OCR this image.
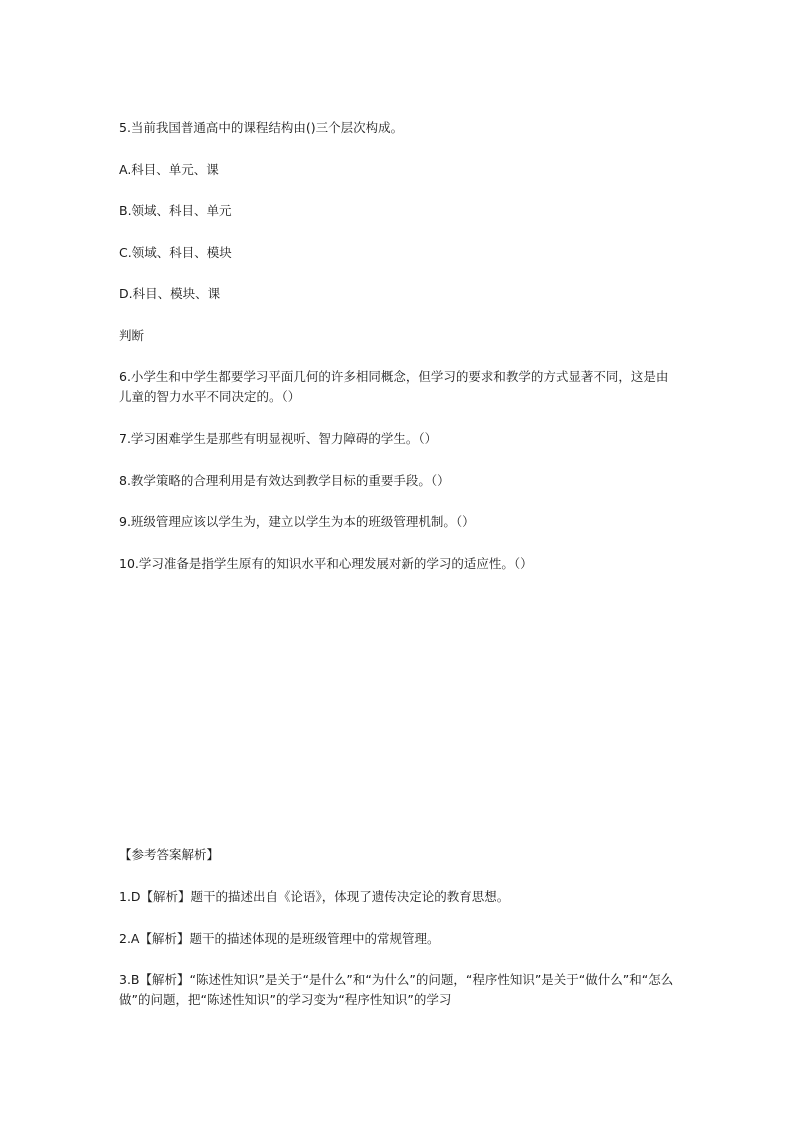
5.当前我国普通高中的课程结构由()三个层次构成。
A.科目、单元、课
B.领域、科目、单元
C.领域、科目、模块
D.科目、模块、课
判断
6.小学生和中学生都要学习平面几何的许多相同概念，但学习的要求和教学的方式显著不同，这是由儿童的智力水平不同决定的。（）
7.学习困难学生是那些有明显视听、智力障碍的学生。（）
8.教学策略的合理利用是有效达到教学目标的重要手段。（）
9.班级管理应该以学生为，建立以学生为本的班级管理机制。（）
10.学习准备是指学生原有的知识水平和心理发展对新的学习的适应性。（）
【参考答案解析】
1.D【解析】题干的描述出自《论语》，体现了遗传决定论的教育思想。
2.A【解析】题干的描述体现的是班级管理中的常规管理。
3.B【解析】“陈述性知识”是关于“是什么”和“为什么”的问题，“程序性知识”是关于“做什么”和“怎么做”的问题，把“陈述性知识”的学习变为“程序性知识”的学习
